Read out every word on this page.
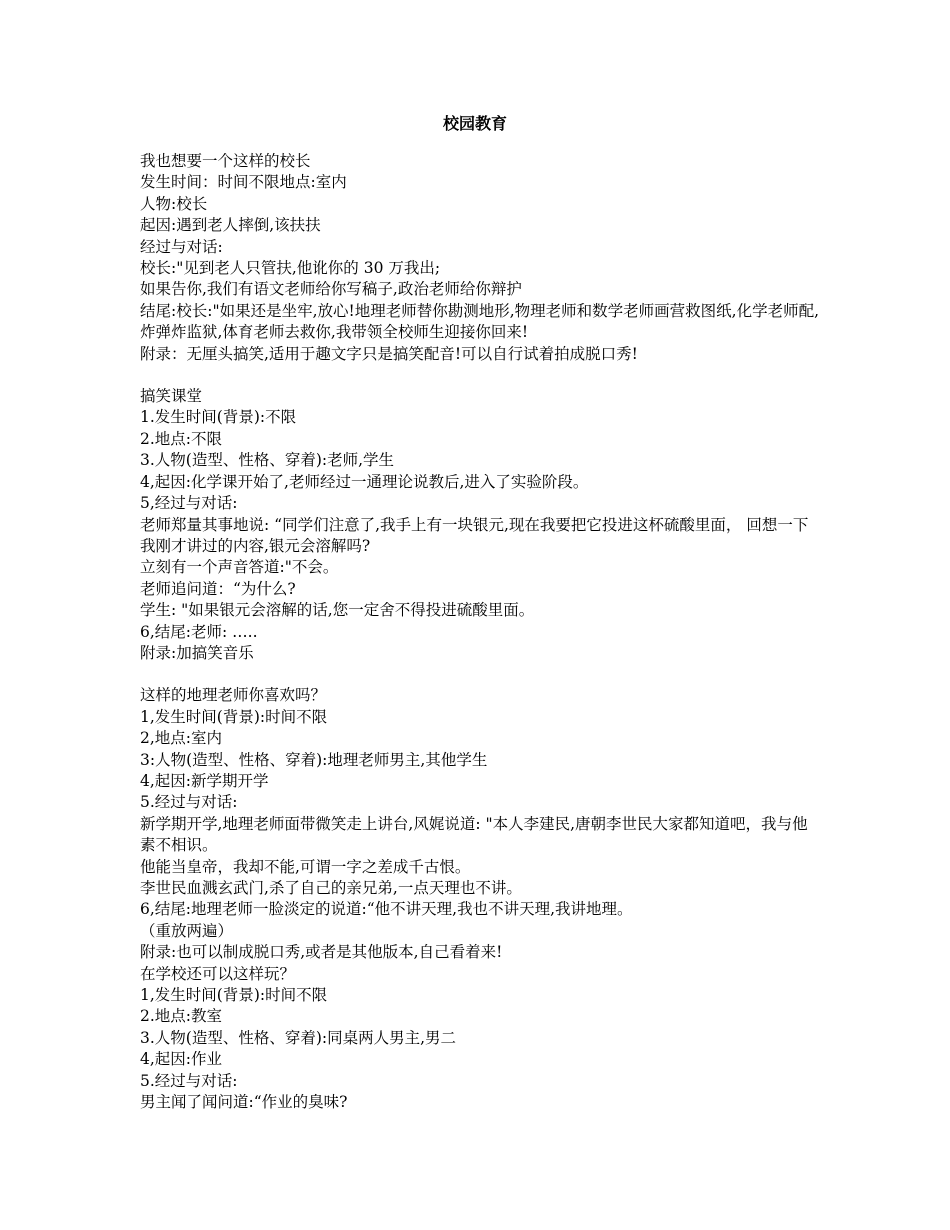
校园教育

我也想要一个这样的校长

发生时间：时间不限地点:室内

人物:校长

起因:遇到老人摔倒,该扶扶

经过与对话:

校长:"见到老人只管扶,他讹你的 30 万我出;

如果告你,我们有语文老师给你写稿子,政治老师给你辩护

结尾:校长:"如果还是坐牢,放心!地理老师替你勘测地形,物理老师和数学老师画营救图纸,化学老师配,炸弹炸监狱,体育老师去救你,我带领全校师生迎接你回来!

附录：无厘头搞笑,适用于趣文字只是搞笑配音!可以自行试着拍成脱口秀!

搞笑课堂

1.发生时间(背景):不限

2.地点:不限

3.人物(造型、性格、穿着):老师,学生

4,起因:化学课开始了,老师经过一通理论说教后,进入了实验阶段。

5,经过与对话:

老师郑量其事地说: “同学们注意了,我手上有一块银元,现在我要把它投进这杯硫酸里面， 回想一下我刚才讲过的内容,银元会溶解吗?

立刻有一个声音答道:"不会。

老师追问道：“为什么?

学生: "如果银元会溶解的话,您一定舍不得投进硫酸里面。

6,结尾:老师: …..

附录:加搞笑音乐

这样的地理老师你喜欢吗？

1,发生时间(背景):时间不限

2,地点:室内

3:人物(造型、性格、穿着):地理老师男主,其他学生

4,起因:新学期开学

5.经过与对话:

新学期开学,地理老师面带微笑走上讲台,风娓说道: "本人李建民,唐朝李世民大家都知道吧，我与他素不相识。

他能当皇帝，我却不能,可谓一字之差成千古恨。

李世民血溅玄武门,杀了自己的亲兄弟,一点天理也不讲。

6,结尾:地理老师一脸淡定的说道:“他不讲天理,我也不讲天理,我讲地理。

（重放两遍）

附录:也可以制成脱口秀,或者是其他版本,自己看着来!

在学校还可以这样玩？

1,发生时间(背景):时间不限

2.地点:教室

3.人物(造型、性格、穿着):同桌两人男主,男二

4,起因:作业

5.经过与对话:

男主闻了闻问道:“作业的臭味?
